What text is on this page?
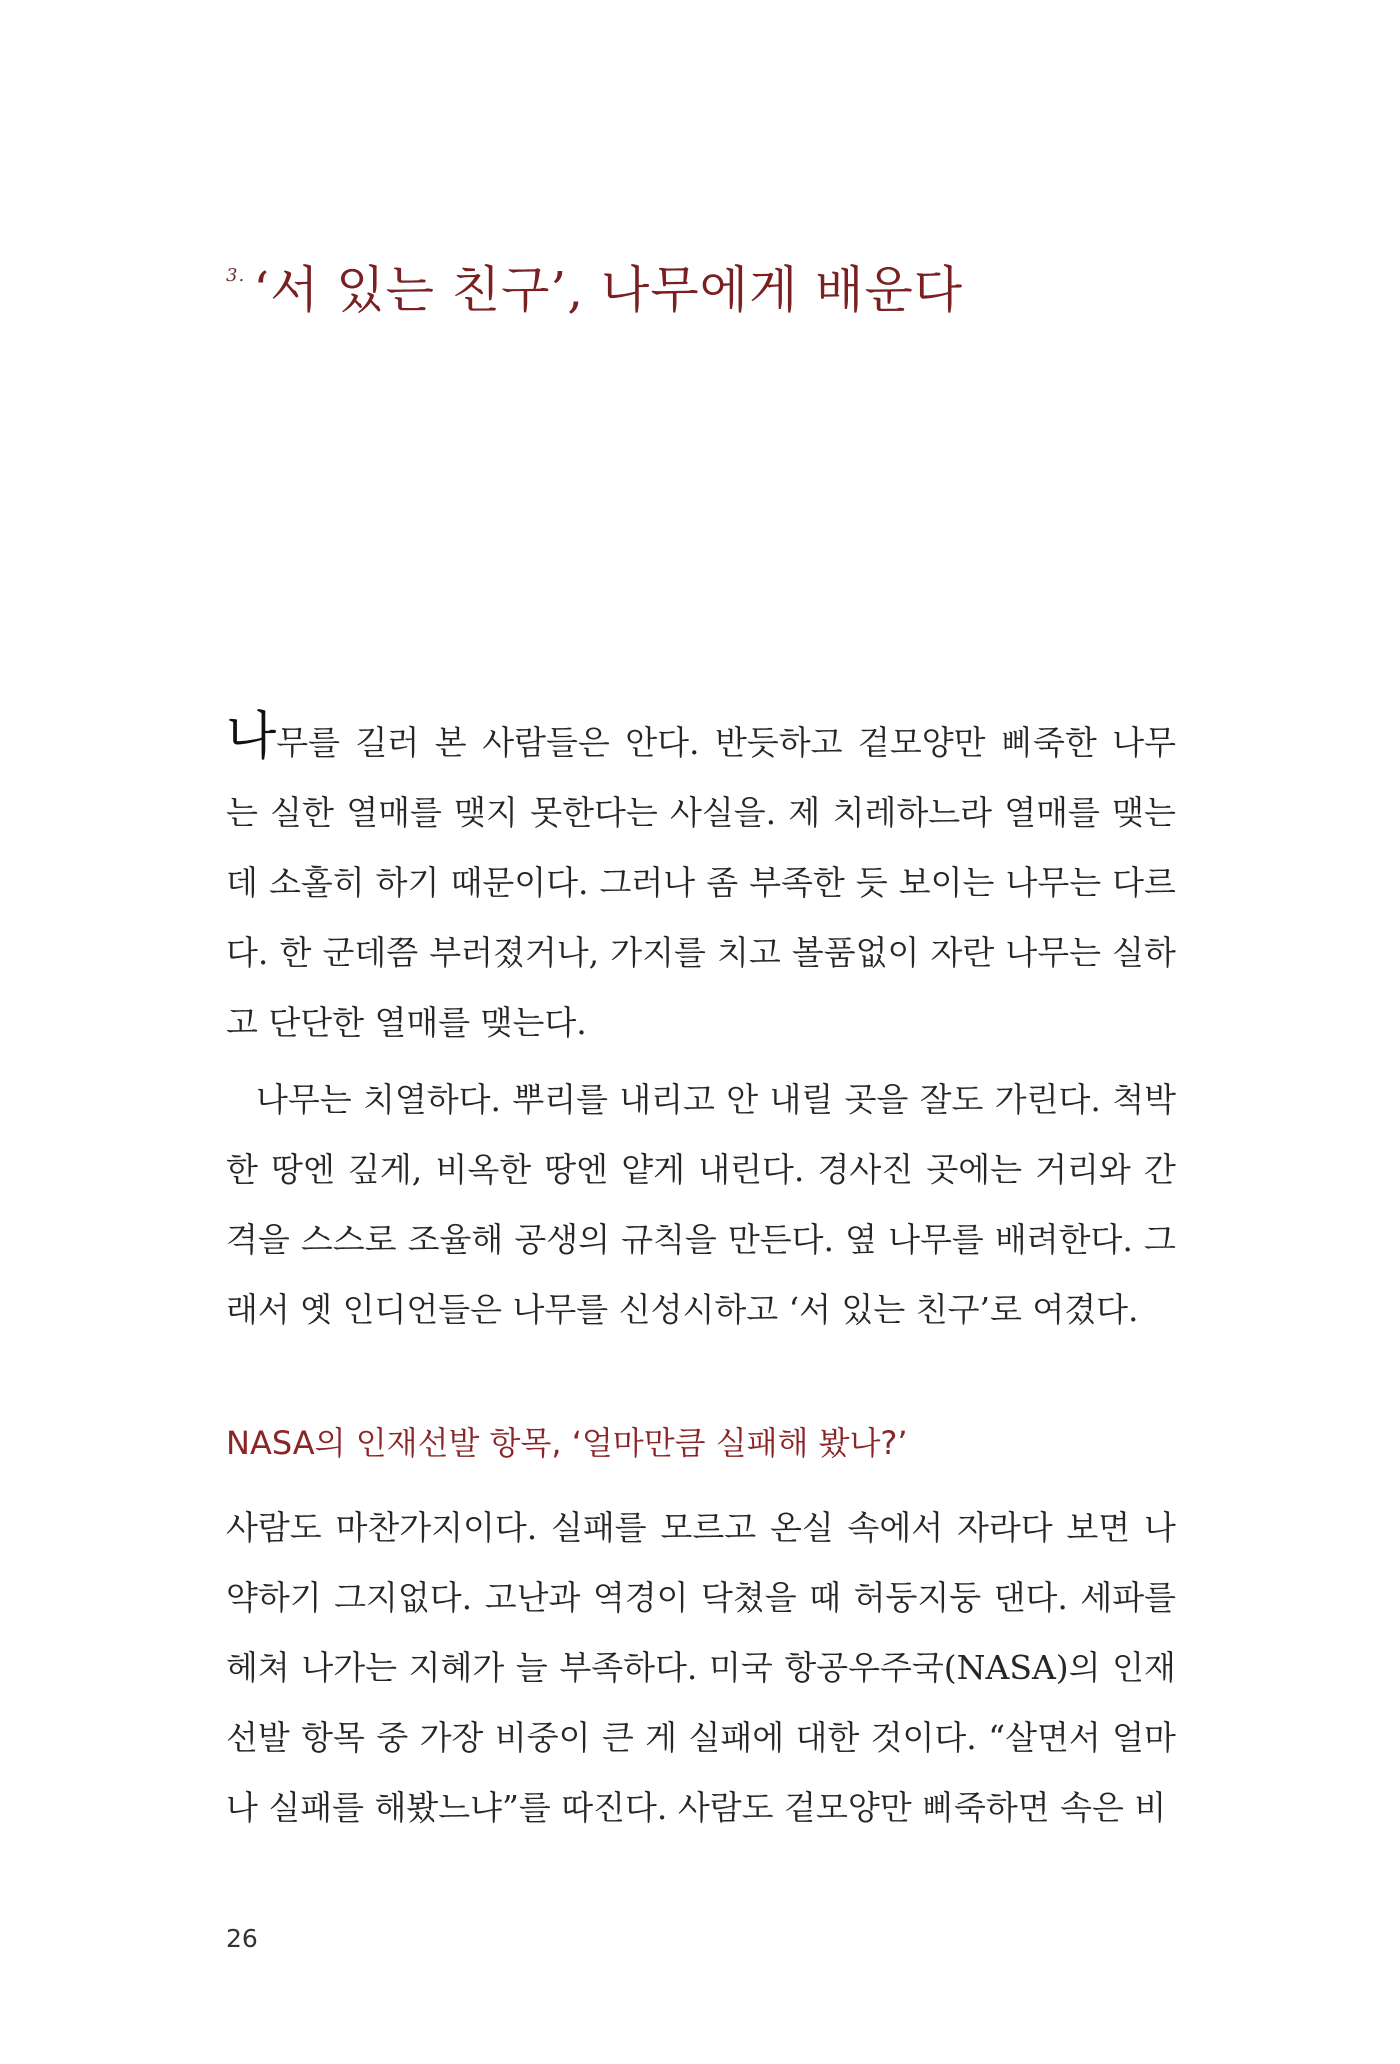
$^{3.}$ ‘서 있는 친구’, 나무에게 배운다
나무를 길러 본 사람들은 안다. 반듯하고 겉모양만 삐죽한 나무
는 실한 열매를 맺지 못한다는 사실을. 제 치레하느라 열매를 맺는
데 소홀히 하기 때문이다. 그러나 좀 부족한 듯 보이는 나무는 다르
다. 한 군데쯤 부러졌거나, 가지를 치고 볼품없이 자란 나무는 실하
고
단단한
열매를
맺는다.
나무는 치열하다. 뿌리를 내리고 안 내릴 곳을 잘도 가린다. 척박
한 땅엔 깊게, 비옥한 땅엔 얕게 내린다. 경사진 곳에는 거리와 간
격을 스스로 조율해 공생의 규칙을 만든다. 옆 나무를 배려한다. 그
래서
옛
인디언들은
나무를
신성시하고
‘서
있는
친구’로
여겼다.
NASA의 인재선발 항목, ‘얼마만큼 실패해 봤나?’
사람도 마찬가지이다. 실패를 모르고 온실 속에서 자라다 보면 나
약하기 그지없다. 고난과 역경이 닥쳤을 때 허둥지둥 댄다. 세파를
헤쳐 나가는 지혜가 늘 부족하다. 미국 항공우주국(NASA)의 인재
선발 항목 중 가장 비중이 큰 게 실패에 대한 것이다. “살면서 얼마
나
실패를
해봤느냐”를
따진다.
사람도
겉모양만
삐죽하면
속은
비
26
